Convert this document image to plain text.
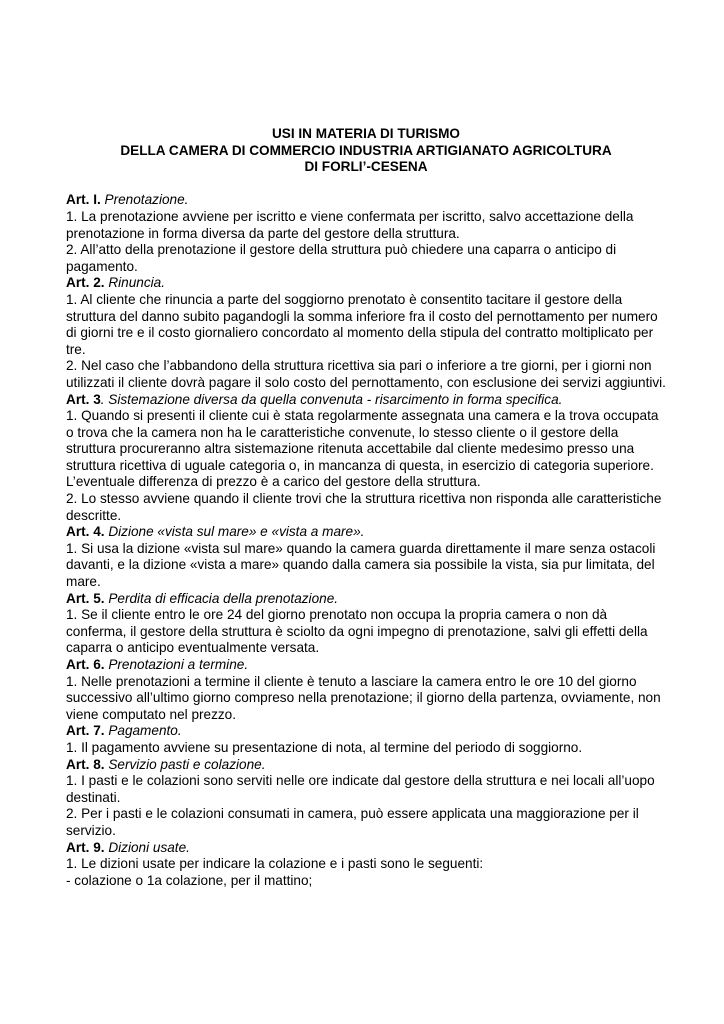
USI IN MATERIA DI TURISMO

DELLA CAMERA DI COMMERCIO INDUSTRIA ARTIGIANATO AGRICOLTURA

DI FORLI’-CESENA

Art. I. Prenotazione.

1. La prenotazione avviene per iscritto e viene confermata per iscritto, salvo accettazione della prenotazione in forma diversa da parte del gestore della struttura.

2. All’atto della prenotazione il gestore della struttura può chiedere una caparra o anticipo di pagamento.

Art. 2. Rinuncia.

1. Al cliente che rinuncia a parte del soggiorno prenotato è consentito tacitare il gestore della struttura del danno subito pagandogli la somma inferiore fra il costo del pernottamento per numero di giorni tre e il costo giornaliero concordato al momento della stipula del contratto moltiplicato per tre.

2. Nel caso che l’abbandono della struttura ricettiva sia pari o inferiore a tre giorni, per i giorni non utilizzati il cliente dovrà pagare il solo costo del pernottamento, con esclusione dei servizi aggiuntivi.

Art. 3. Sistemazione diversa da quella convenuta - risarcimento in forma specifica.

1. Quando si presenti il cliente cui è stata regolarmente assegnata una camera e la trova occupata o trova che la camera non ha le caratteristiche convenute, lo stesso cliente o il gestore della struttura procureranno altra sistemazione ritenuta accettabile dal cliente medesimo presso una struttura ricettiva di uguale categoria o, in mancanza di questa, in esercizio di categoria superiore. L’eventuale differenza di prezzo è a carico del gestore della struttura.

2. Lo stesso avviene quando il cliente trovi che la struttura ricettiva non risponda alle caratteristiche descritte.

Art. 4. Dizione «vista sul mare» e «vista a mare».

1. Si usa la dizione «vista sul mare» quando la camera guarda direttamente il mare senza ostacoli davanti, e la dizione «vista a mare» quando dalla camera sia possibile la vista, sia pur limitata, del mare.

Art. 5. Perdita di efficacia della prenotazione.

1. Se il cliente entro le ore 24 del giorno prenotato non occupa la propria camera o non dà conferma, il gestore della struttura è sciolto da ogni impegno di prenotazione, salvi gli effetti della caparra o anticipo eventualmente versata.

Art. 6. Prenotazioni a termine.

1. Nelle prenotazioni a termine il cliente è tenuto a lasciare la camera entro le ore 10 del giorno successivo all’ultimo giorno compreso nella prenotazione; il giorno della partenza, ovviamente, non viene computato nel prezzo.

Art. 7. Pagamento.

1. Il pagamento avviene su presentazione di nota, al termine del periodo di soggiorno.

Art. 8. Servizio pasti e colazione.

1. I pasti e le colazioni sono serviti nelle ore indicate dal gestore della struttura e nei locali all’uopo destinati.

2. Per i pasti e le colazioni consumati in camera, può essere applicata una maggiorazione per il servizio.

Art. 9. Dizioni usate.

1. Le dizioni usate per indicare la colazione e i pasti sono le seguenti:

- colazione o 1a colazione, per il mattino;
